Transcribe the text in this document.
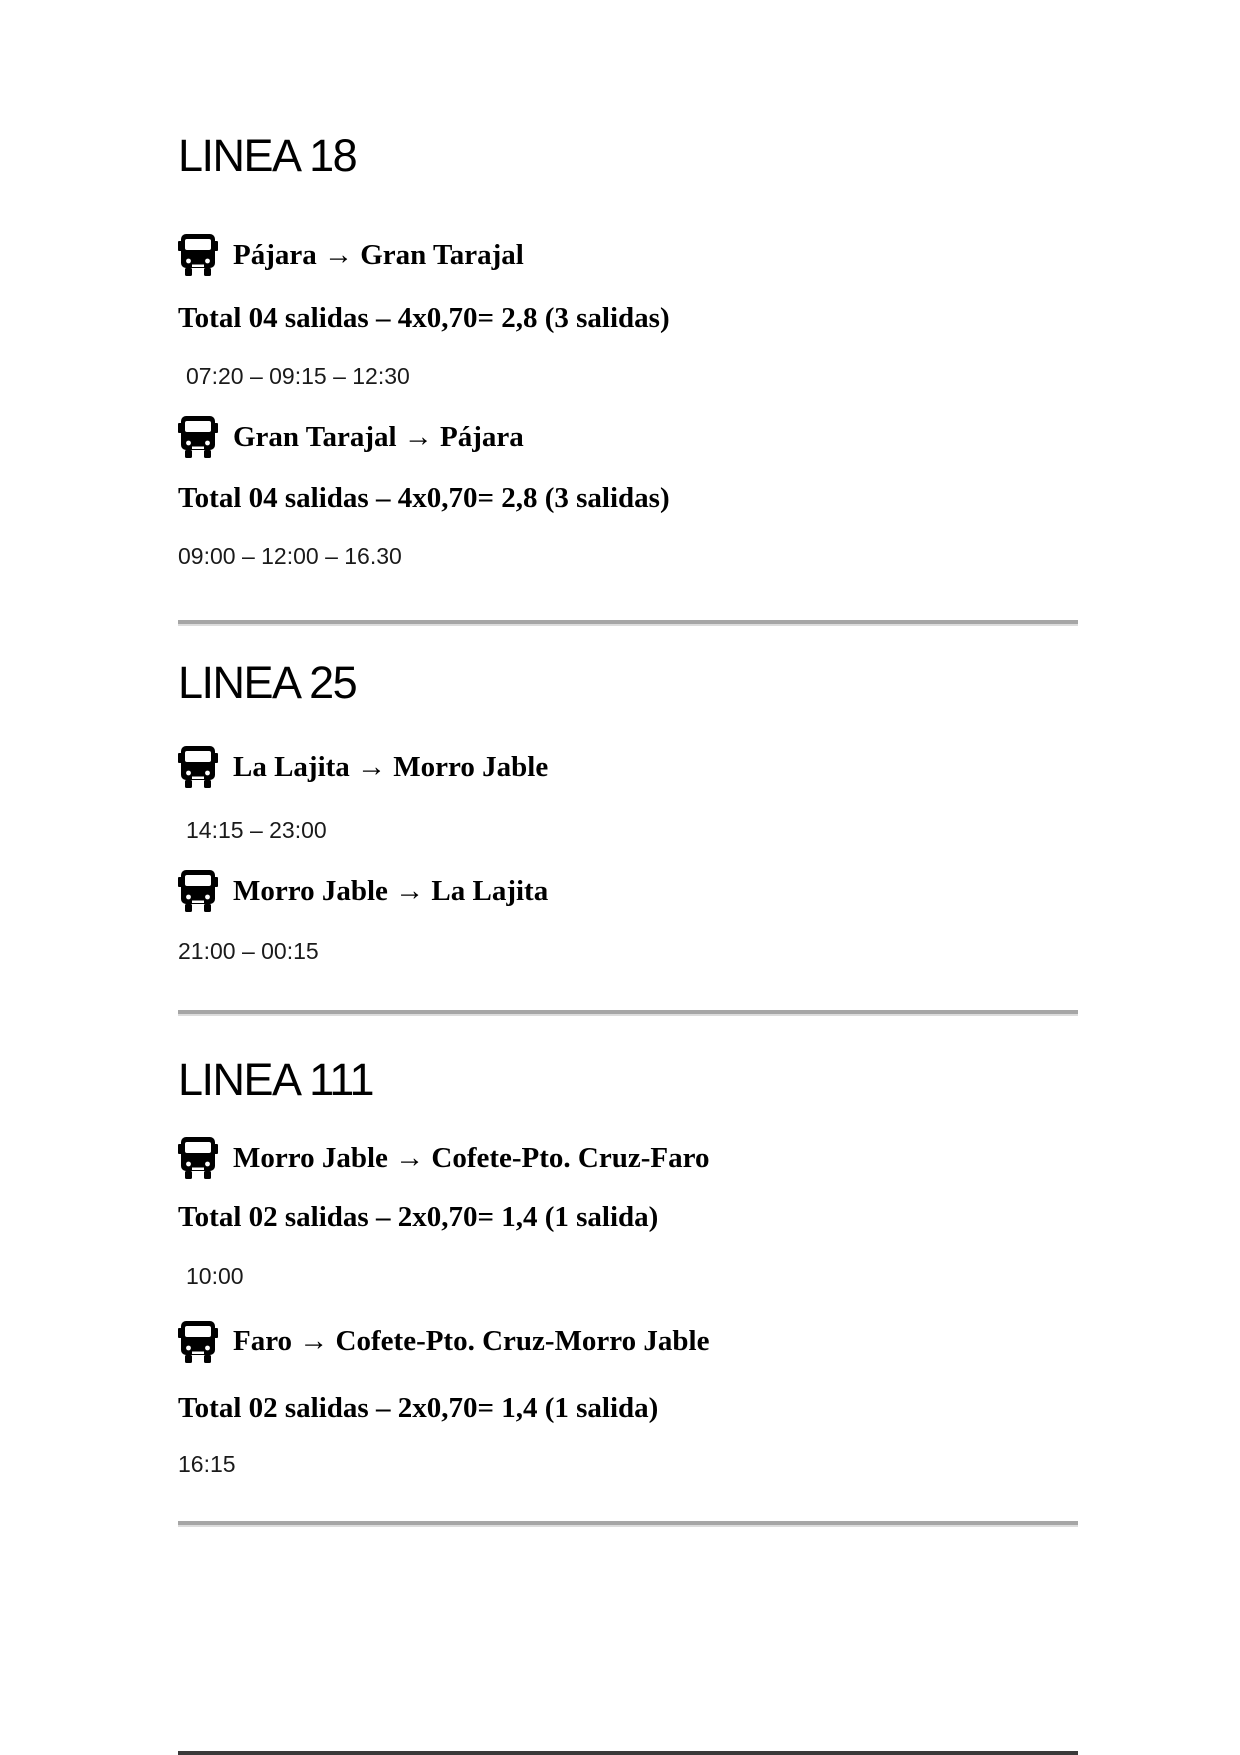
LINEA 18

Pájara → Gran Tarajal

Total 04 salidas – 4x0,70= 2,8 (3 salidas)

07:20 – 09:15 – 12:30

Gran Tarajal → Pájara

Total 04 salidas – 4x0,70= 2,8 (3 salidas)

09:00 – 12:00 – 16.30

LINEA 25

La Lajita → Morro Jable

14:15 – 23:00

Morro Jable → La Lajita

21:00 – 00:15

LINEA 111

Morro Jable → Cofete-Pto. Cruz-Faro

Total 02 salidas – 2x0,70= 1,4 (1 salida)

10:00

Faro → Cofete-Pto. Cruz-Morro Jable

Total 02 salidas – 2x0,70= 1,4 (1 salida)

16:15
